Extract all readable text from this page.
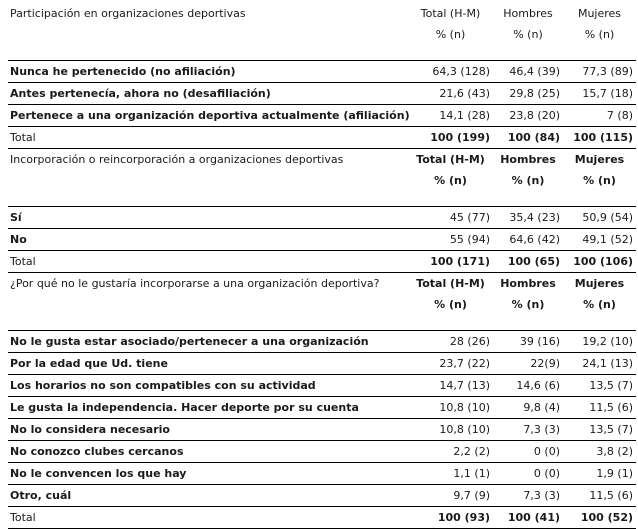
Participación en organizaciones deportivas	Total (H-M)	Hombres	Mujeres
	% (n)	% (n)	% (n)

Nunca he pertenecido (no afiliación)	64,3 (128)	46,4 (39)	77,3 (89)
Antes pertenecía, ahora no (desafiliación)	21,6 (43)	29,8 (25)	15,7 (18)
Pertenece a una organización deportiva actualmente (afiliación)	14,1 (28)	23,8 (20)	7 (8)
Total	100 (199)	100 (84)	100 (115)
Incorporación o reincorporación a organizaciones deportivas	Total (H-M)	Hombres	Mujeres
	% (n)	% (n)	% (n)

Sí	45 (77)	35,4 (23)	50,9 (54)
No	55 (94)	64,6 (42)	49,1 (52)
Total	100 (171)	100 (65)	100 (106)
¿Por qué no le gustaría incorporarse a una organización deportiva?	Total (H-M)	Hombres	Mujeres
	% (n)	% (n)	% (n)

No le gusta estar asociado/pertenecer a una organización	28 (26)	39 (16)	19,2 (10)
Por la edad que Ud. tiene	23,7 (22)	22(9)	24,1 (13)
Los horarios no son compatibles con su actividad	14,7 (13)	14,6 (6)	13,5 (7)
Le gusta la independencia. Hacer deporte por su cuenta	10,8 (10)	9,8 (4)	11,5 (6)
No lo considera necesario	10,8 (10)	7,3 (3)	13,5 (7)
No conozco clubes cercanos	2,2 (2)	0 (0)	3,8 (2)
No le convencen los que hay	1,1 (1)	0 (0)	1,9 (1)
Otro, cuál	9,7 (9)	7,3 (3)	11,5 (6)
Total	100 (93)	100 (41)	100 (52)
